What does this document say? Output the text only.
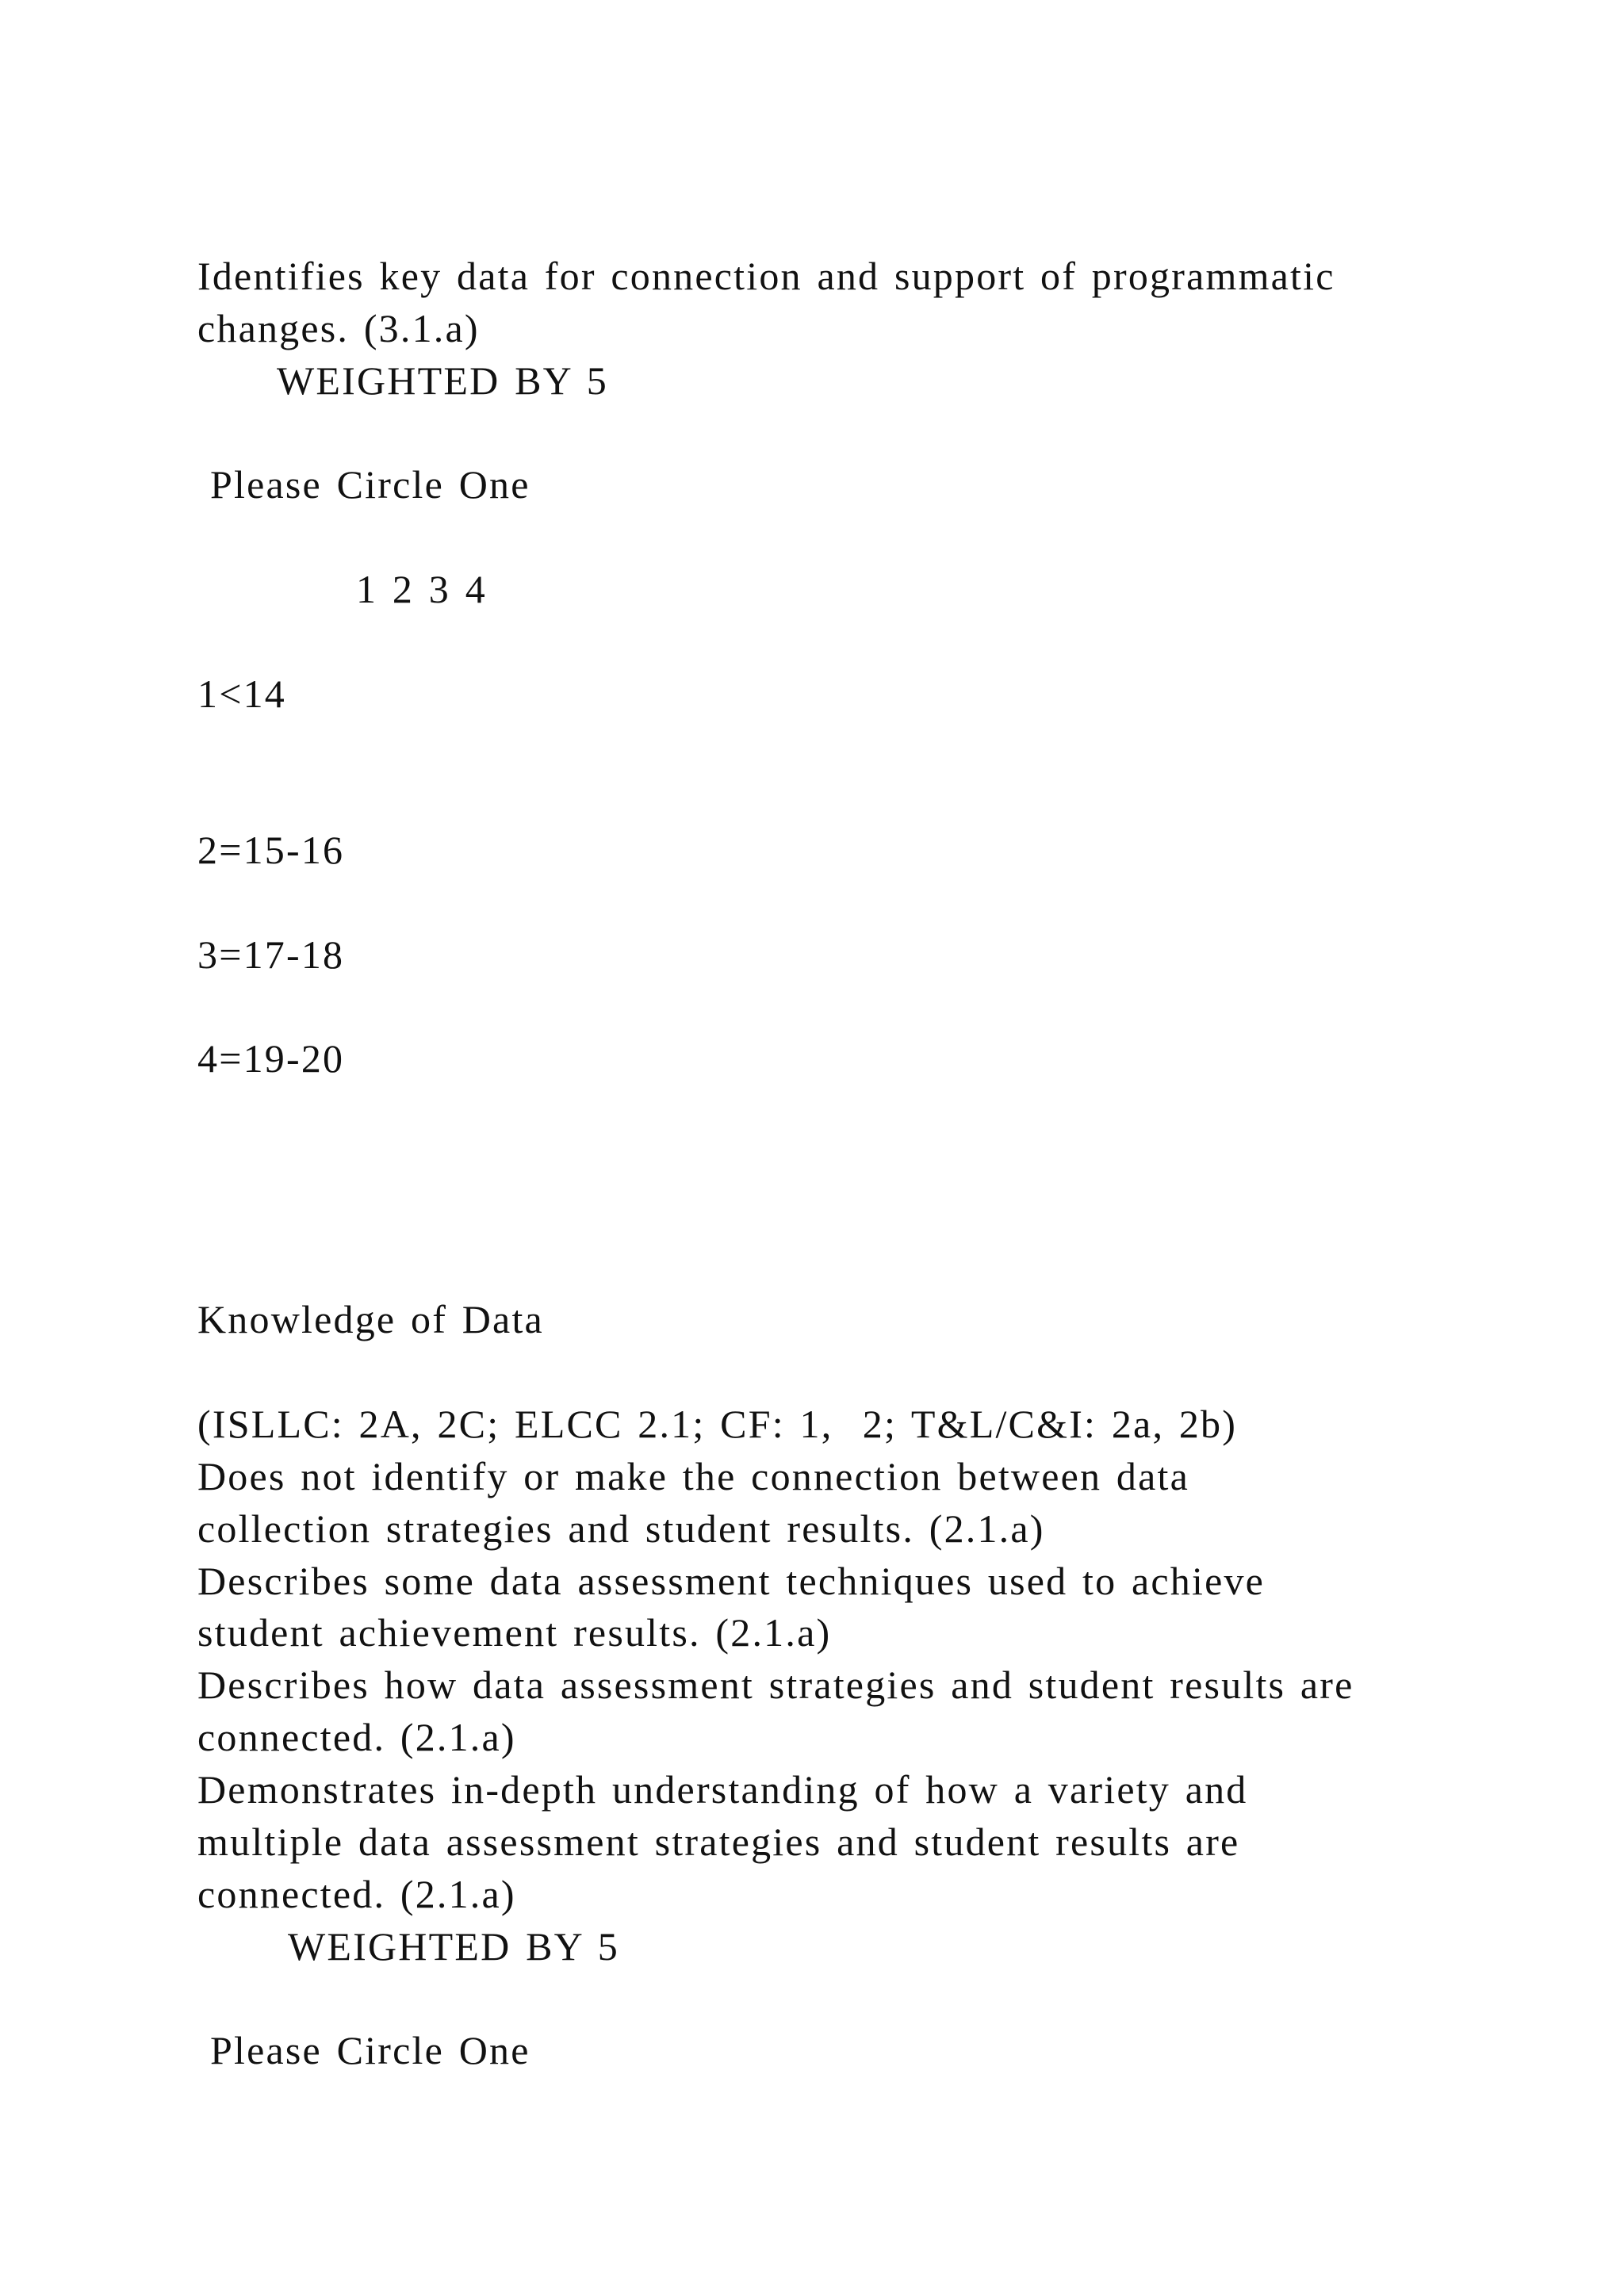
Identifies key data for connection and support of programmatic
changes. (3.1.a)
WEIGHTED BY 5
Please Circle One
1 2 3 4
1<14
2=15-16
3=17-18
4=19-20
Knowledge of Data
(ISLLC: 2A, 2C; ELCC 2.1; CF: 1,  2; T&L/C&I: 2a, 2b)
Does not identify or make the connection between data
collection strategies and student results. (2.1.a)
Describes some data assessment techniques used to achieve
student achievement results. (2.1.a)
Describes how data assessment strategies and student results are
connected. (2.1.a)
Demonstrates in-depth understanding of how a variety and
multiple data assessment strategies and student results are
connected. (2.1.a)
WEIGHTED BY 5
Please Circle One
